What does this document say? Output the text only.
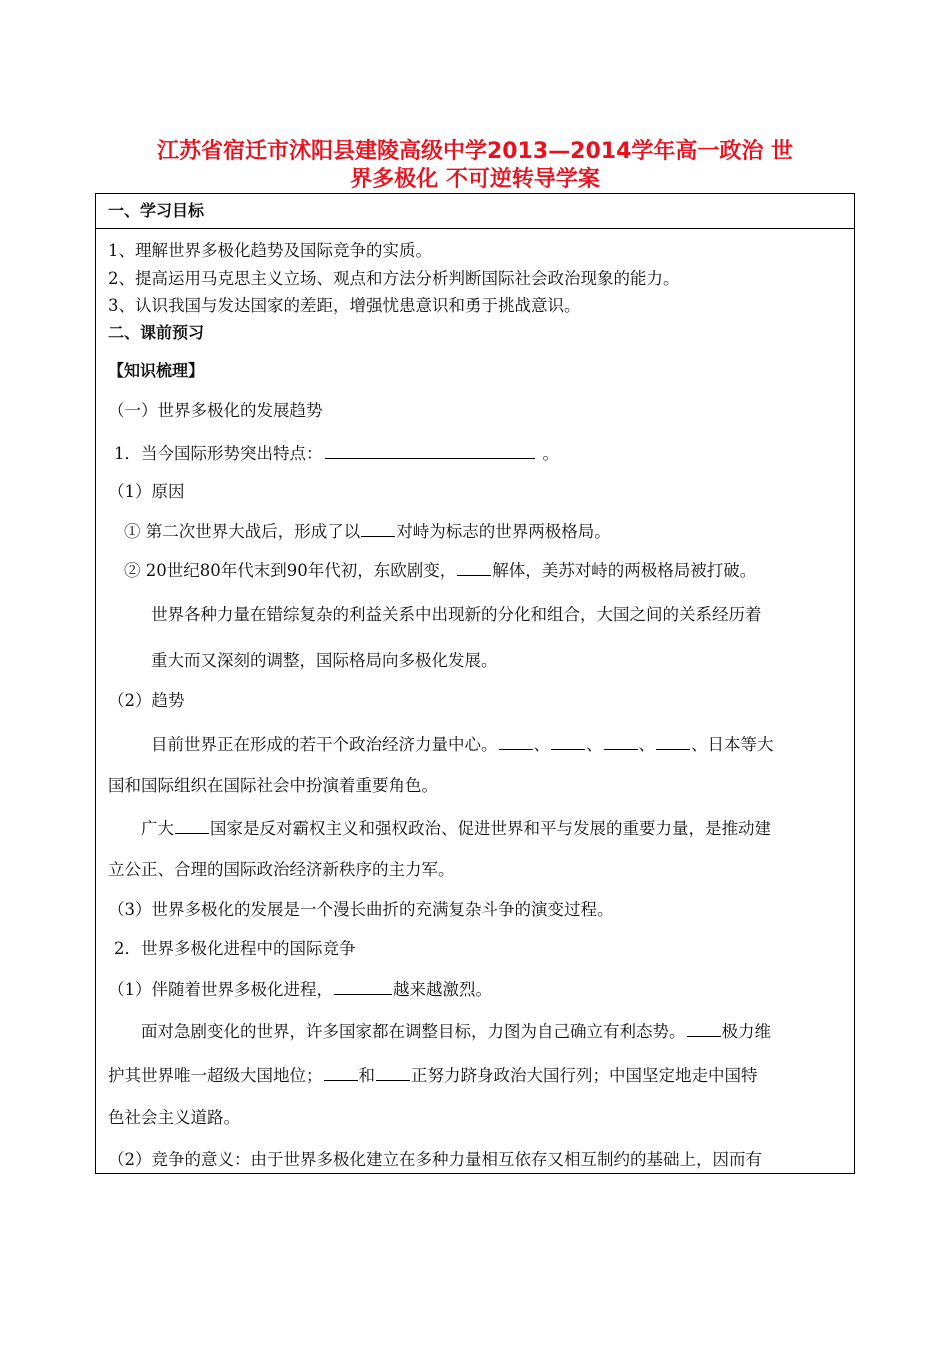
江苏省宿迁市沭阳县建陵高级中学2013—2014学年高一政治 世
界多极化 不可逆转导学案
一、学习目标
1、理解世界多极化趋势及国际竞争的实质。
2、提高运用马克思主义立场、观点和方法分析判断国际社会政治现象的能力。
3、认识我国与发达国家的差距，增强忧患意识和勇于挑战意识。
二、课前预习
【知识梳理】
（一）世界多极化的发展趋势
1．当今国际形势突出特点：	。
（1）原因
① 第二次世界大战后，形成了以 对峙为标志的世界两极格局。
② 20世纪80年代末到90年代初，东欧剧变， 解体，美苏对峙的两极格局被打破。
世界各种力量在错综复杂的利益关系中出现新的分化和组合，大国之间的关系经历着
重大而又深刻的调整，国际格局向多极化发展。
（2）趋势
目前世界正在形成的若干个政治经济力量中心。 、 、 、 、日本等大
国和国际组织在国际社会中扮演着重要角色。
广大 国家是反对霸权主义和强权政治、促进世界和平与发展的重要力量，是推动建
立公正、合理的国际政治经济新秩序的主力军。
（3）世界多极化的发展是一个漫长曲折的充满复杂斗争的演变过程。
2．世界多极化进程中的国际竞争
（1）伴随着世界多极化进程，	越来越激烈。
面对急剧变化的世界，许多国家都在调整目标，力图为自己确立有利态势。 极力维
护其世界唯一超级大国地位； 和 正努力跻身政治大国行列；中国坚定地走中国特
色社会主义道路。
（2）竞争的意义：由于世界多极化建立在多种力量相互依存又相互制约的基础上，因而有
